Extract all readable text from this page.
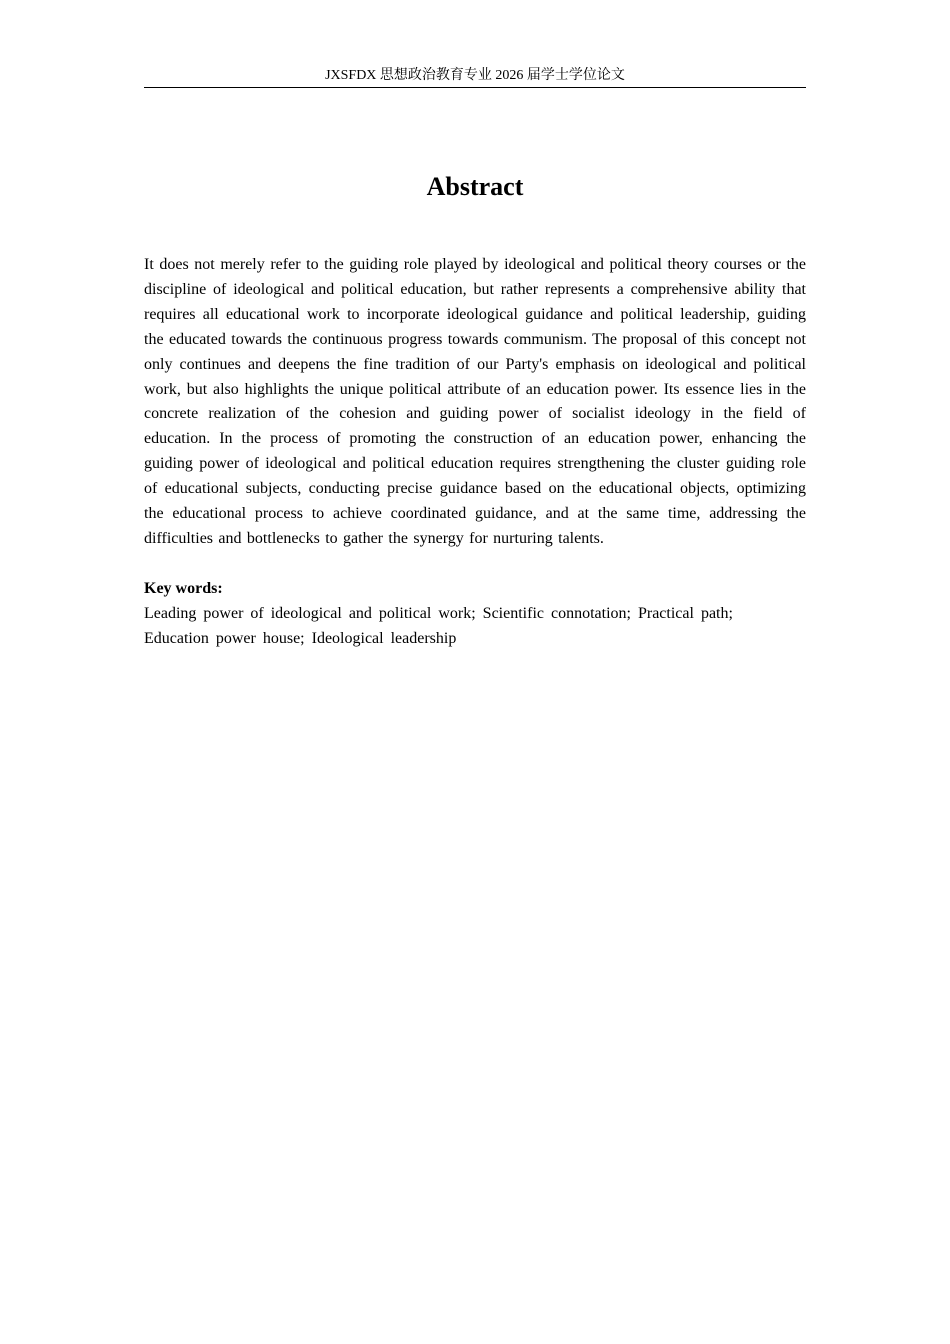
JXSFDX 思想政治教育专业 2026 届学士学位论文
Abstract

It does not merely refer to the guiding role played by ideological and political theory courses or the discipline of ideological and political education, but rather represents a comprehensive ability that requires all educational work to incorporate ideological guidance and political leadership, guiding the educated towards the continuous progress towards communism. The proposal of this concept not only continues and deepens the fine tradition of our Party's emphasis on ideological and political work, but also highlights the unique political attribute of an education power. Its essence lies in the concrete realization of the cohesion and guiding power of socialist ideology in the field of education. In the process of promoting the construction of an education power, enhancing the guiding power of ideological and political education requires strengthening the cluster guiding role of educational subjects, conducting precise guidance based on the educational objects, optimizing the educational process to achieve coordinated guidance, and at the same time, addressing the difficulties and bottlenecks to gather the synergy for nurturing talents.

Key words:

Leading power of ideological and political work; Scientific connotation; Practical path; Education power house; Ideological leadership
